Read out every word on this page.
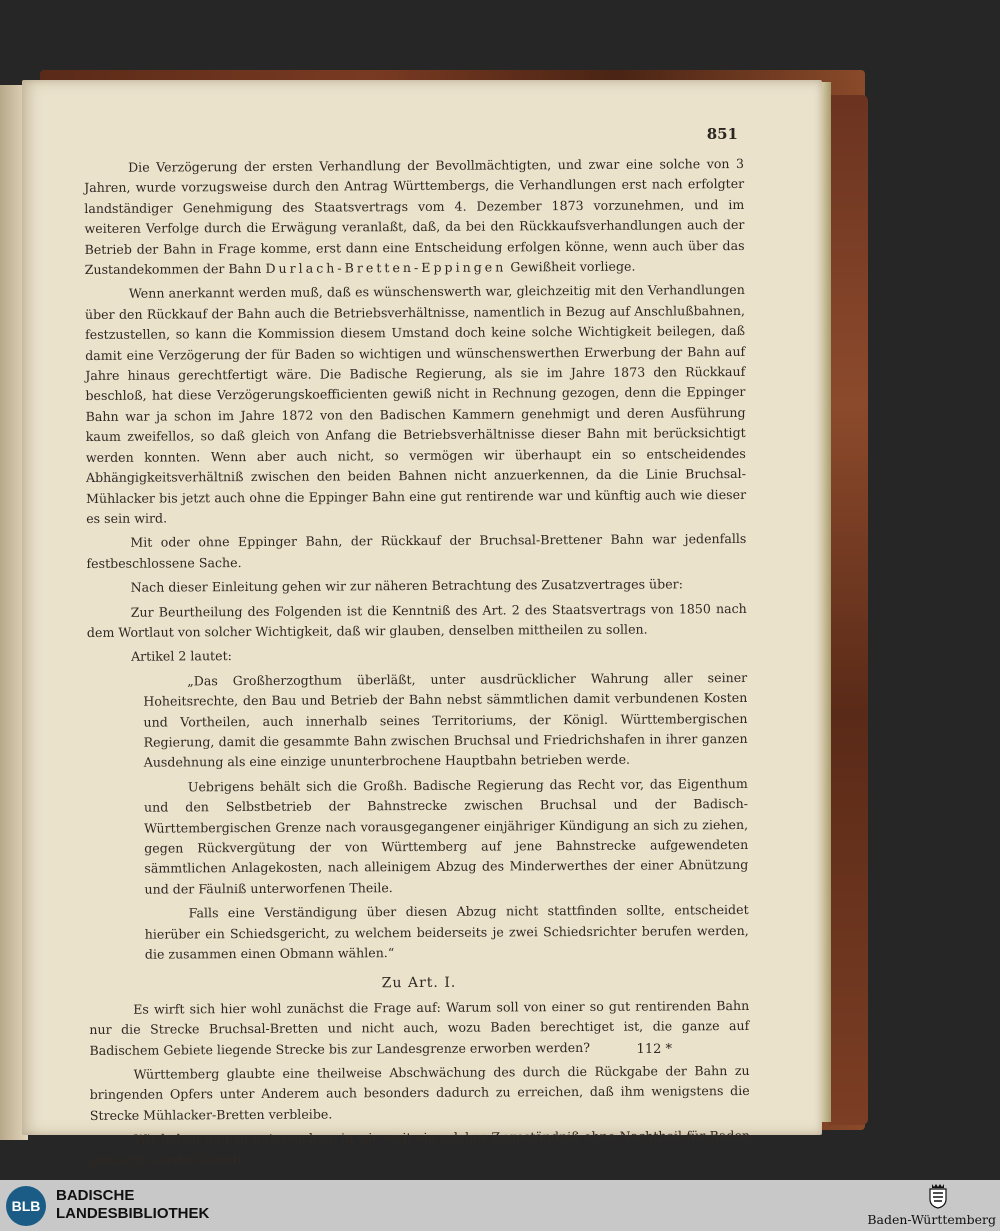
851

Die Verzögerung der ersten Verhandlung der Bevollmächtigten, und zwar eine solche von 3 Jahren, wurde vorzugsweise durch den Antrag Württembergs, die Verhandlungen erst nach erfolgter landständiger Genehmigung des Staatsvertrags vom 4. Dezember 1873 vorzunehmen, und im weiteren Verfolge durch die Erwägung veranlaßt, daß, da bei den Rückkaufsverhandlungen auch der Betrieb der Bahn in Frage komme, erst dann eine Entscheidung erfolgen könne, wenn auch über das Zustandekommen der Bahn Durlach-Bretten-Eppingen Gewißheit vorliege.

Wenn anerkannt werden muß, daß es wünschenswerth war, gleichzeitig mit den Verhandlungen über den Rückkauf der Bahn auch die Betriebsverhältnisse, namentlich in Bezug auf Anschlußbahnen, festzustellen, so kann die Kommission diesem Umstand doch keine solche Wichtigkeit beilegen, daß damit eine Verzögerung der für Baden so wichtigen und wünschenswerthen Erwerbung der Bahn auf Jahre hinaus gerechtfertigt wäre. Die Badische Regierung, als sie im Jahre 1873 den Rückkauf beschloß, hat diese Verzögerungskoefficienten gewiß nicht in Rechnung gezogen, denn die Eppinger Bahn war ja schon im Jahre 1872 von den Badischen Kammern genehmigt und deren Ausführung kaum zweifellos, so daß gleich von Anfang die Betriebsverhältnisse dieser Bahn mit berücksichtigt werden konnten. Wenn aber auch nicht, so vermögen wir überhaupt ein so entscheidendes Abhängigkeitsverhältniß zwischen den beiden Bahnen nicht anzuerkennen, da die Linie Bruchsal-Mühlacker bis jetzt auch ohne die Eppinger Bahn eine gut rentirende war und künftig auch wie dieser es sein wird.

Mit oder ohne Eppinger Bahn, der Rückkauf der Bruchsal-Brettener Bahn war jedenfalls festbeschlossene Sache.

Nach dieser Einleitung gehen wir zur näheren Betrachtung des Zusatzvertrages über:

Zur Beurtheilung des Folgenden ist die Kenntniß des Art. 2 des Staatsvertrags von 1850 nach dem Wortlaut von solcher Wichtigkeit, daß wir glauben, denselben mittheilen zu sollen.

Artikel 2 lautet:

„Das Großherzogthum überläßt, unter ausdrücklicher Wahrung aller seiner Hoheitsrechte, den Bau und Betrieb der Bahn nebst sämmtlichen damit verbundenen Kosten und Vortheilen, auch innerhalb seines Territoriums, der Königl. Württembergischen Regierung, damit die gesammte Bahn zwischen Bruchsal und Friedrichshafen in ihrer ganzen Ausdehnung als eine einzige ununterbrochene Hauptbahn betrieben werde.

Uebrigens behält sich die Großh. Badische Regierung das Recht vor, das Eigenthum und den Selbstbetrieb der Bahnstrecke zwischen Bruchsal und der Badisch-Württembergischen Grenze nach vorausgegangener einjähriger Kündigung an sich zu ziehen, gegen Rückvergütung der von Württemberg auf jene Bahnstrecke aufgewendeten sämmtlichen Anlagekosten, nach alleinigem Abzug des Minderwerthes der einer Abnützung und der Fäulniß unterworfenen Theile.

Falls eine Verständigung über diesen Abzug nicht stattfinden sollte, entscheidet hierüber ein Schiedsgericht, zu welchem beiderseits je zwei Schiedsrichter berufen werden, die zusammen einen Obmann wählen.“

Zu Art. I.

Es wirft sich hier wohl zunächst die Frage auf: Warum soll von einer so gut rentirenden Bahn nur die Strecke Bruchsal-Bretten und nicht auch, wozu Baden berechtiget ist, die ganze auf Badischem Gebiete liegende Strecke bis zur Landesgrenze erworben werden?

Württemberg glaubte eine theilweise Abschwächung des durch die Rückgabe der Bahn zu bringenden Opfers unter Anderem auch besonders dadurch zu erreichen, daß ihm wenigstens die Strecke Mühlacker-Bretten verbleibe.

Wir haben nun zu untersuchen, in wie weit ein solches Zugeständniß ohne Nachtheil für Baden gemacht werden konnte.

112 *
BLB
BADISCHE
LANDESBIBLIOTHEK	Baden-Württemberg
